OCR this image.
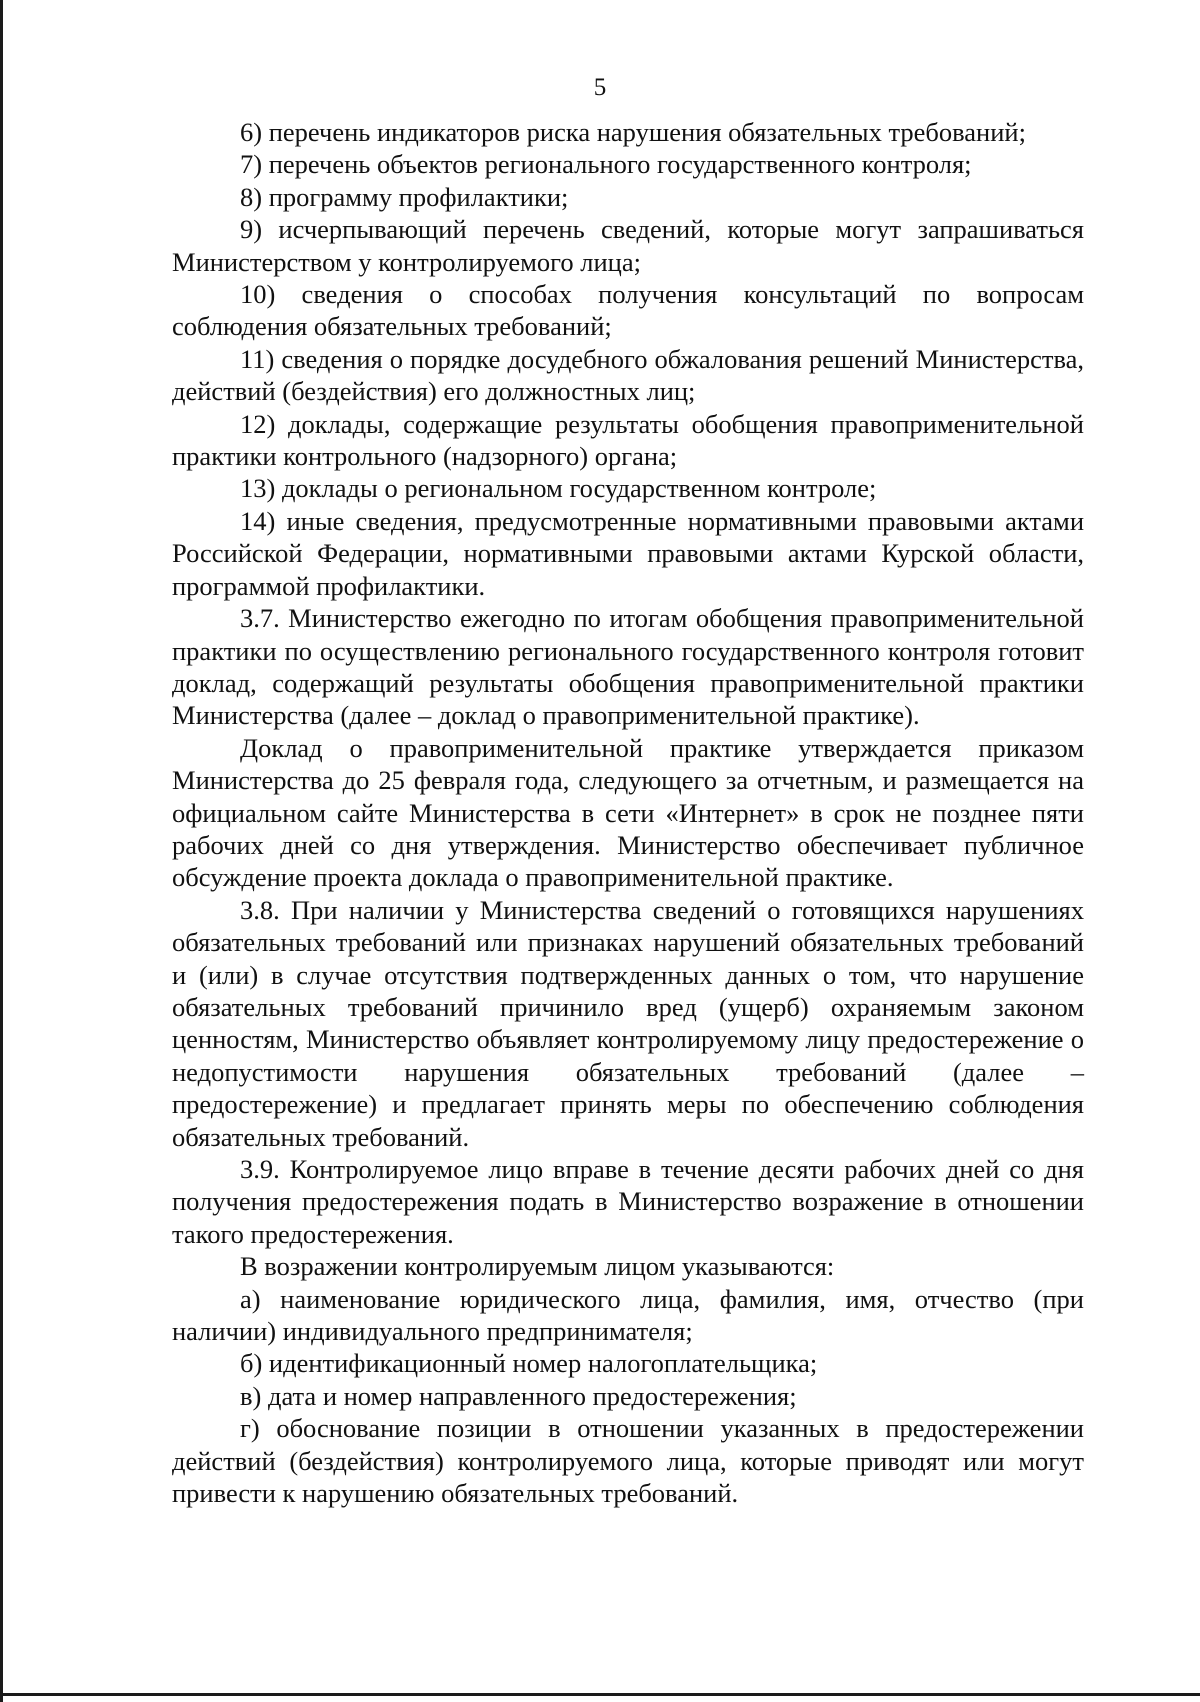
5

6) перечень индикаторов риска нарушения обязательных требований;

7) перечень объектов регионального государственного контроля;

8) программу профилактики;

9) исчерпывающий перечень сведений, которые могут запрашиваться Министерством у контролируемого лица;

10) сведения о способах получения консультаций по вопросам соблюдения обязательных требований;

11) сведения о порядке досудебного обжалования решений Министерства, действий (бездействия) его должностных лиц;

12) доклады, содержащие результаты обобщения правоприменительной практики контрольного (надзорного) органа;

13) доклады о региональном государственном контроле;

14) иные сведения, предусмотренные нормативными правовыми актами Российской Федерации, нормативными правовыми актами Курской области, программой профилактики.

3.7. Министерство ежегодно по итогам обобщения правоприменительной практики по осуществлению регионального государственного контроля готовит доклад, содержащий результаты обобщения правоприменительной практики Министерства (далее – доклад о правоприменительной практике).

Доклад о правоприменительной практике утверждается приказом Министерства до 25 февраля года, следующего за отчетным, и размещается на официальном сайте Министерства в сети «Интернет» в срок не позднее пяти рабочих дней со дня утверждения. Министерство обеспечивает публичное обсуждение проекта доклада о правоприменительной практике.

3.8. При наличии у Министерства сведений о готовящихся нарушениях обязательных требований или признаках нарушений обязательных требований и (или) в случае отсутствия подтвержденных данных о том, что нарушение обязательных требований причинило вред (ущерб) охраняемым законом ценностям, Министерство объявляет контролируемому лицу предостережение о недопустимости нарушения обязательных требований (далее – предостережение) и предлагает принять меры по обеспечению соблюдения обязательных требований.

3.9. Контролируемое лицо вправе в течение десяти рабочих дней со дня получения предостережения подать в Министерство возражение в отношении такого предостережения.

В возражении контролируемым лицом указываются:

а) наименование юридического лица, фамилия, имя, отчество (при наличии) индивидуального предпринимателя;

б) идентификационный номер налогоплательщика;

в) дата и номер направленного предостережения;

г) обоснование позиции в отношении указанных в предостережении действий (бездействия) контролируемого лица, которые приводят или могут привести к нарушению обязательных требований.
